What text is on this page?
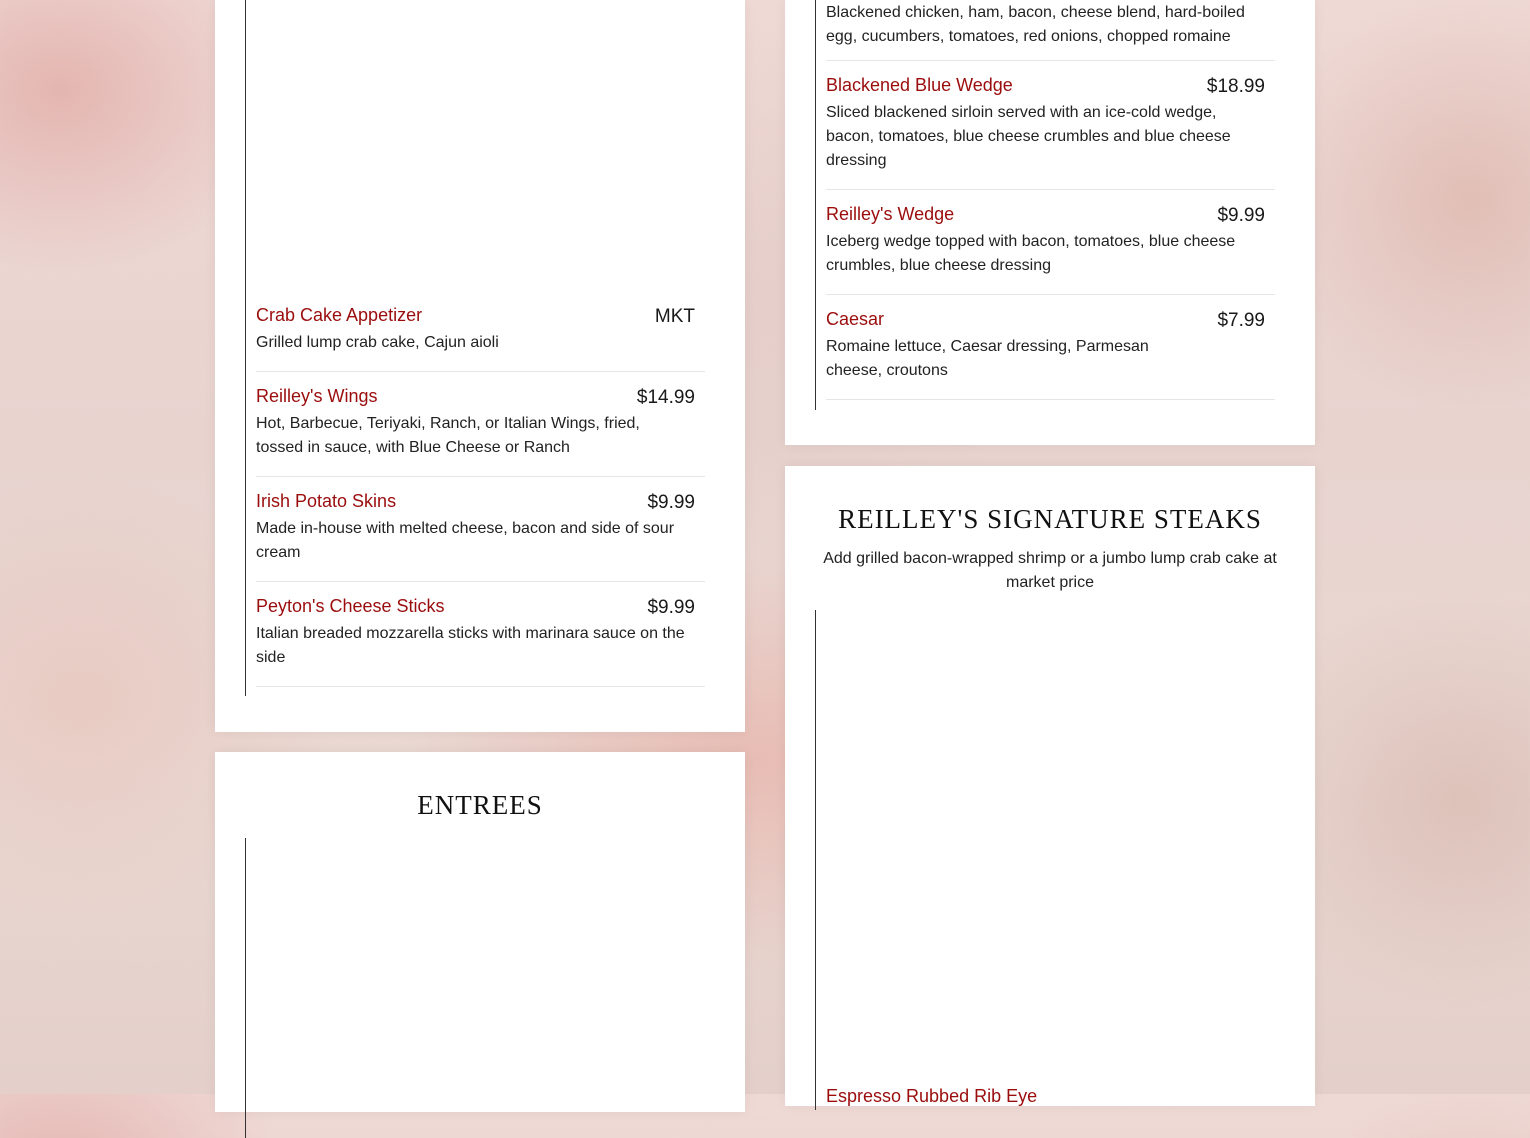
Crab Cake Appetizer	MKT
Grilled lump crab cake, Cajun aioli
Reilley's Wings	$14.99
Hot, Barbecue, Teriyaki, Ranch, or Italian Wings, fried, tossed in sauce, with Blue Cheese or Ranch
Irish Potato Skins	$9.99
Made in-house with melted cheese, bacon and side of sour cream
Peyton's Cheese Sticks	$9.99
Italian breaded mozzarella sticks with marinara sauce on the side
ENTREES
Blackened chicken, ham, bacon, cheese blend, hard-boiled egg, cucumbers, tomatoes, red onions, chopped romaine
Blackened Blue Wedge	$18.99
Sliced blackened sirloin served with an ice-cold wedge, bacon, tomatoes, blue cheese crumbles and blue cheese dressing
Reilley's Wedge	$9.99
Iceberg wedge topped with bacon, tomatoes, blue cheese crumbles, blue cheese dressing
Caesar	$7.99
Romaine lettuce, Caesar dressing, Parmesan cheese, croutons
REILLEY'S SIGNATURE STEAKS
Add grilled bacon-wrapped shrimp or a jumbo lump crab cake at market price
Espresso Rubbed Rib Eye
